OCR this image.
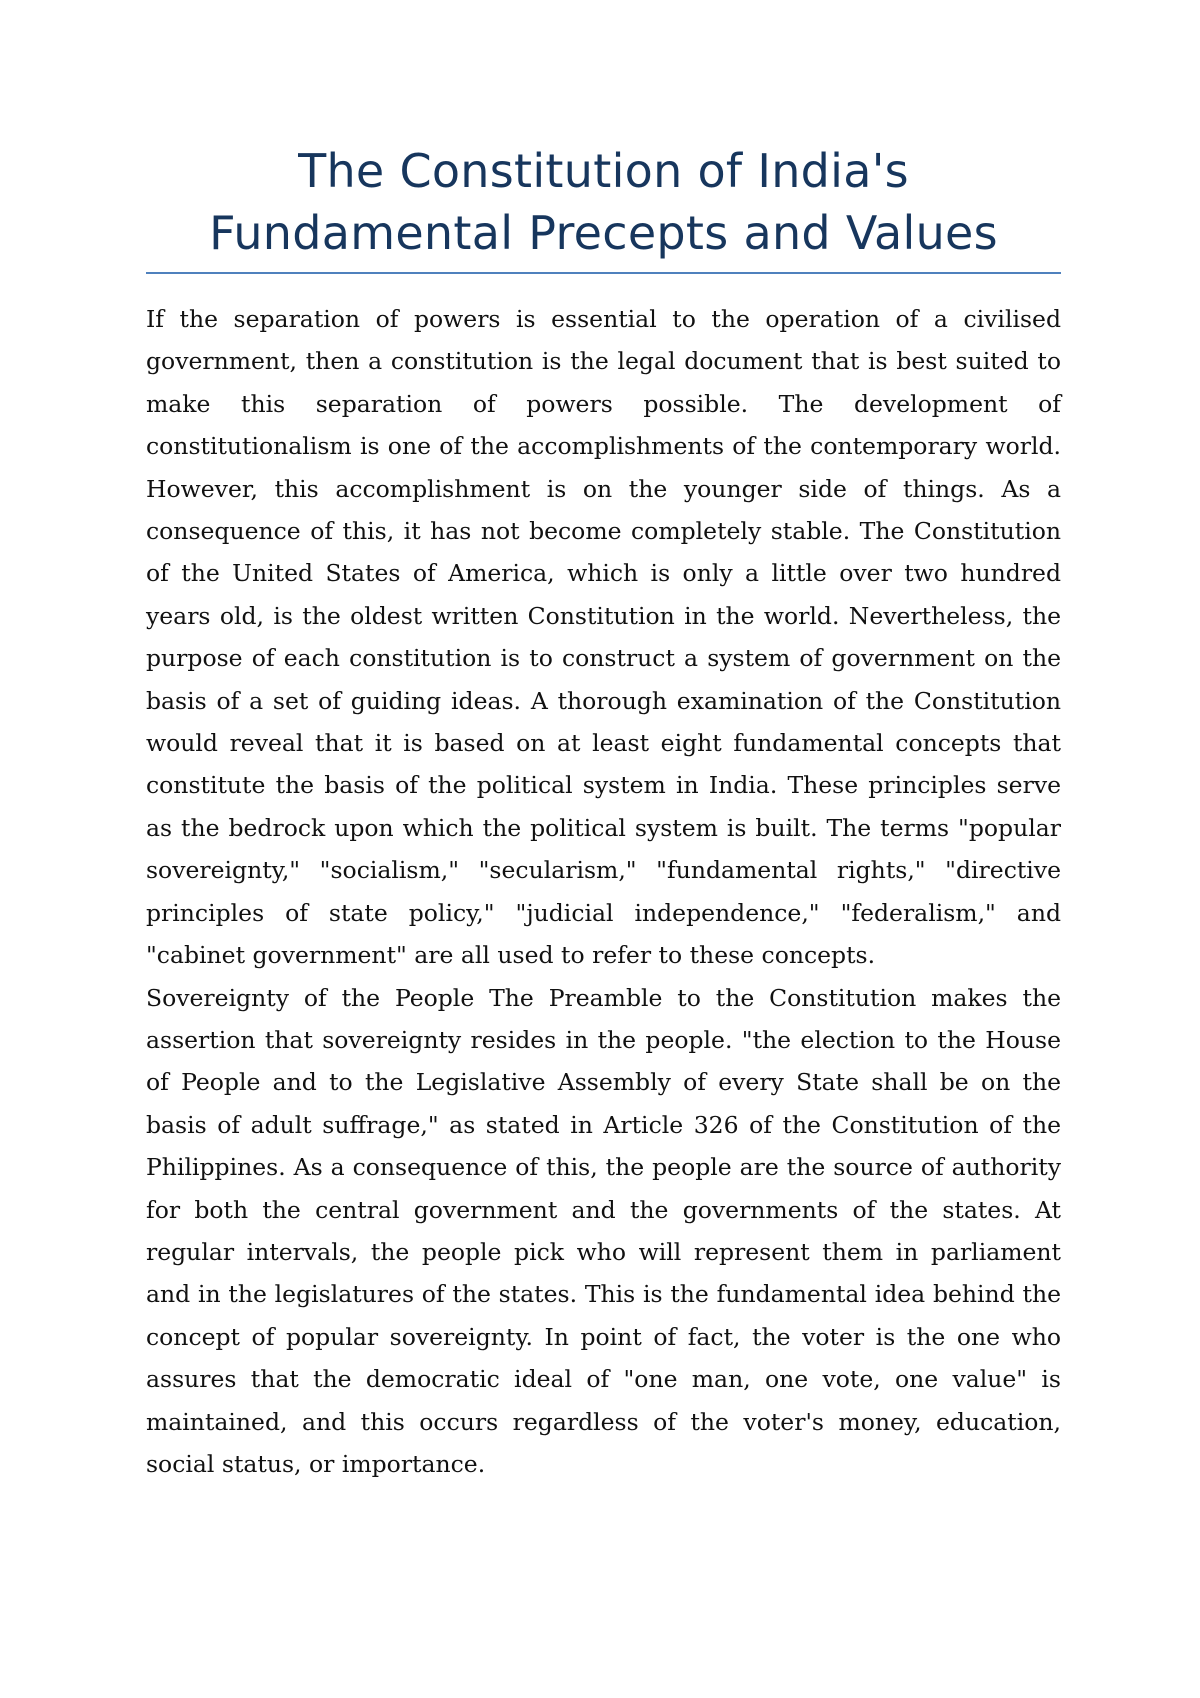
The Constitution of India's
Fundamental Precepts and Values

If the separation of powers is essential to the operation of a civilised government, then a constitution is the legal document that is best suited to make this separation of powers possible. The development of constitutionalism is one of the accomplishments of the contemporary world. However, this accomplishment is on the younger side of things. As a consequence of this, it has not become completely stable. The Constitution of the United States of America, which is only a little over two hundred years old, is the oldest written Constitution in the world. Nevertheless, the purpose of each constitution is to construct a system of government on the basis of a set of guiding ideas. A thorough examination of the Constitution would reveal that it is based on at least eight fundamental concepts that constitute the basis of the political system in India. These principles serve as the bedrock upon which the political system is built. The terms "popular sovereignty," "socialism," "secularism," "fundamental rights," "directive principles of state policy," "judicial independence," "federalism," and "cabinet government" are all used to refer to these concepts.

Sovereignty of the People The Preamble to the Constitution makes the assertion that sovereignty resides in the people. "the election to the House of People and to the Legislative Assembly of every State shall be on the basis of adult suffrage," as stated in Article 326 of the Constitution of the Philippines. As a consequence of this, the people are the source of authority for both the central government and the governments of the states. At regular intervals, the people pick who will represent them in parliament and in the legislatures of the states. This is the fundamental idea behind the concept of popular sovereignty. In point of fact, the voter is the one who assures that the democratic ideal of "one man, one vote, one value" is maintained, and this occurs regardless of the voter's money, education, social status, or importance.
